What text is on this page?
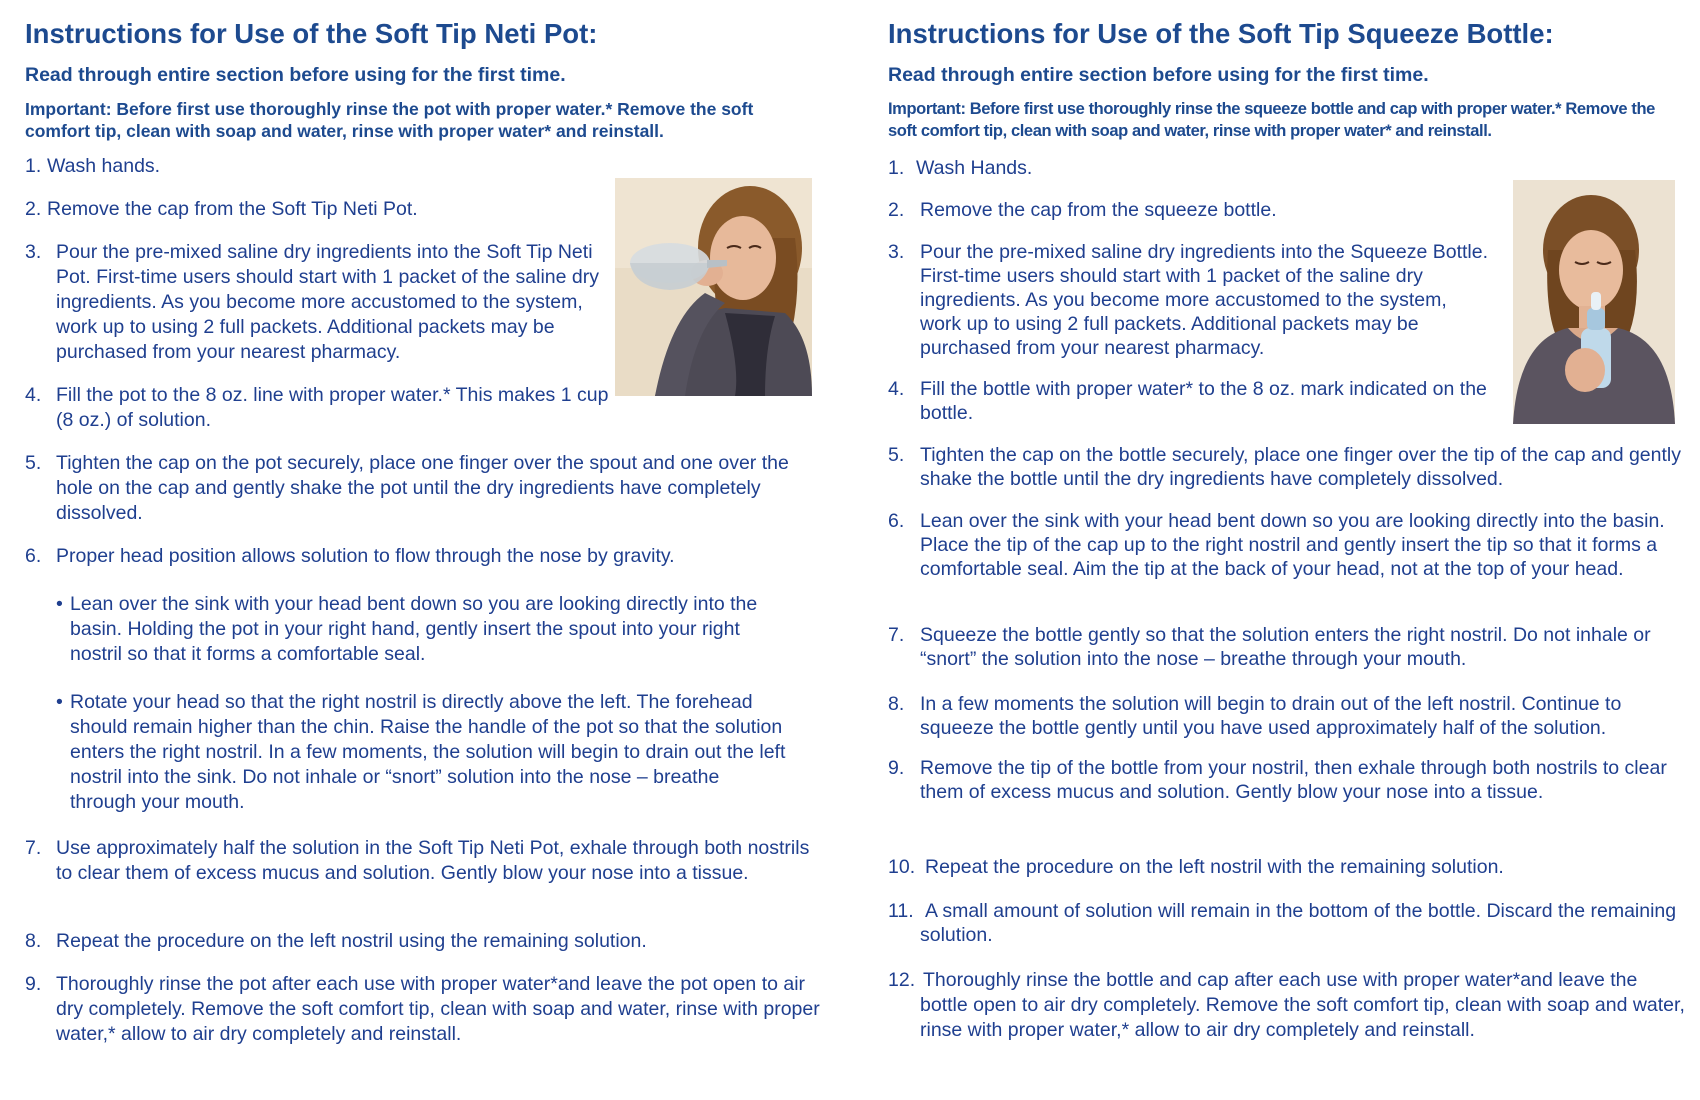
Instructions for Use of the Soft Tip Neti Pot:

Read through entire section before using for the first time.

Important: Before first use thoroughly rinse the pot with proper water.* Remove the soft comfort tip, clean with soap and water, rinse with proper water* and reinstall.

1. Wash hands.
2. Remove the cap from the Soft Tip Neti Pot.
3. Pour the pre-mixed saline dry ingredients into the Soft Tip Neti Pot. First-time users should start with 1 packet of the saline dry ingredients. As you become more accustomed to the system, work up to using 2 full packets. Additional packets may be purchased from your nearest pharmacy.
4. Fill the pot to the 8 oz. line with proper water.* This makes 1 cup (8 oz.) of solution.
5. Tighten the cap on the pot securely, place one finger over the spout and one over the hole on the cap and gently shake the pot until the dry ingredients have completely dissolved.
6. Proper head position allows solution to flow through the nose by gravity.
• Lean over the sink with your head bent down so you are looking directly into the basin. Holding the pot in your right hand, gently insert the spout into your right nostril so that it forms a comfortable seal.
• Rotate your head so that the right nostril is directly above the left. The forehead should remain higher than the chin. Raise the handle of the pot so that the solution enters the right nostril. In a few moments, the solution will begin to drain out the left nostril into the sink. Do not inhale or “snort” solution into the nose – breathe through your mouth.
7. Use approximately half the solution in the Soft Tip Neti Pot, exhale through both nostrils to clear them of excess mucus and solution. Gently blow your nose into a tissue.
8. Repeat the procedure on the left nostril using the remaining solution.
9. Thoroughly rinse the pot after each use with proper water*and leave the pot open to air dry completely. Remove the soft comfort tip, clean with soap and water, rinse with proper water,* allow to air dry completely and reinstall.
Instructions for Use of the Soft Tip Squeeze Bottle:

Read through entire section before using for the first time.

Important: Before first use thoroughly rinse the squeeze bottle and cap with proper water.* Remove the soft comfort tip, clean with soap and water, rinse with proper water* and reinstall.

1. Wash Hands.
2. Remove the cap from the squeeze bottle.
3. Pour the pre-mixed saline dry ingredients into the Squeeze Bottle. First-time users should start with 1 packet of the saline dry ingredients. As you become more accustomed to the system, work up to using 2 full packets. Additional packets may be purchased from your nearest pharmacy.
4. Fill the bottle with proper water* to the 8 oz. mark indicated on the bottle.
5. Tighten the cap on the bottle securely, place one finger over the tip of the cap and gently shake the bottle until the dry ingredients have completely dissolved.
6. Lean over the sink with your head bent down so you are looking directly into the basin. Place the tip of the cap up to the right nostril and gently insert the tip so that it forms a comfortable seal. Aim the tip at the back of your head, not at the top of your head.
7. Squeeze the bottle gently so that the solution enters the right nostril. Do not inhale or “snort” the solution into the nose – breathe through your mouth.
8. In a few moments the solution will begin to drain out of the left nostril. Continue to squeeze the bottle gently until you have used approximately half of the solution.
9. Remove the tip of the bottle from your nostril, then exhale through both nostrils to clear them of excess mucus and solution. Gently blow your nose into a tissue.
10. Repeat the procedure on the left nostril with the remaining solution.
11. A small amount of solution will remain in the bottom of the bottle. Discard the remaining solution.
12. Thoroughly rinse the bottle and cap after each use with proper water*and leave the bottle open to air dry completely. Remove the soft comfort tip, clean with soap and water, rinse with proper water,* allow to air dry completely and reinstall.
